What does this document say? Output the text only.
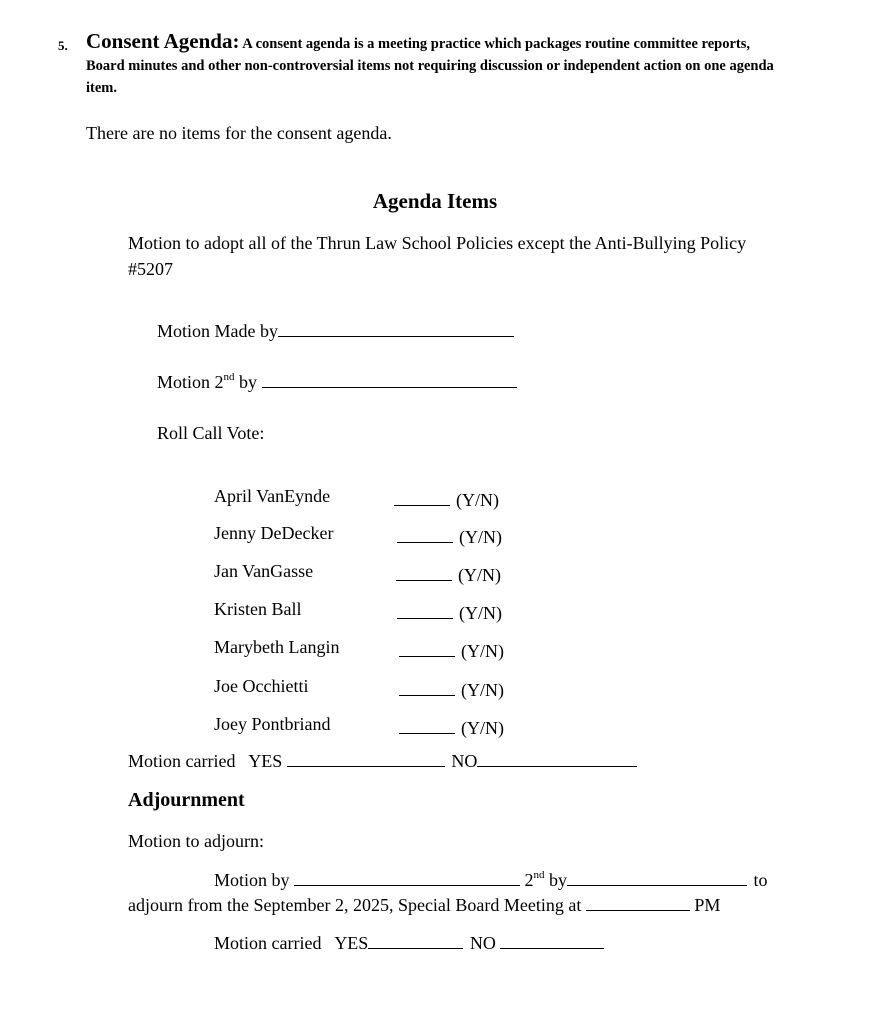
5. Consent Agenda: A consent agenda is a meeting practice which packages routine committee reports, Board minutes and other non-controversial items not requiring discussion or independent action on one agenda item.
There are no items for the consent agenda.
Agenda Items
Motion to adopt all of the Thrun Law School Policies except the Anti-Bullying Policy
#5207
Motion Made by
Motion 2nd by
Roll Call Vote:
April VanEynde	(Y/N)
Jenny DeDecker	(Y/N)
Jan VanGasse	(Y/N)
Kristen Ball	(Y/N)
Marybeth Langin	(Y/N)
Joe Occhietti	(Y/N)
Joey Pontbriand	(Y/N)
Motion carried YES	NO
Adjournment
Motion to adjourn:
Motion by	2nd by	to
adjourn from the September 2, 2025, Special Board Meeting at	PM
Motion carried YES	NO
